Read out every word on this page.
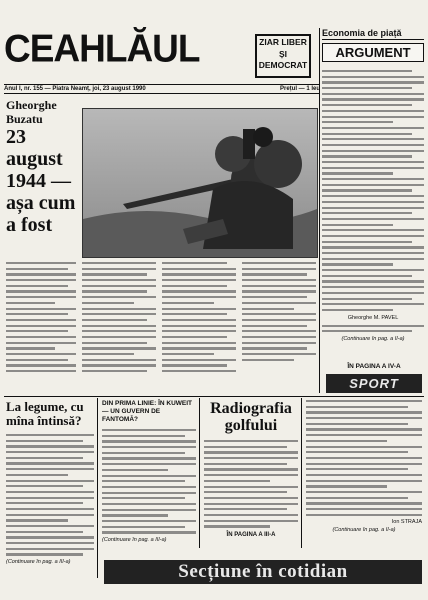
CEAHLĂUL	ZIAR LIBER
ȘI
DEMOCRAT
Anul I, nr. 155 — Piatra Neamț, joi, 23 august 1990	Prețul — 1 leu
Economia de piață
ARGUMENT
Gheorghe M. PAVEL
(Continuare în pag. a II-a)
Gheorghe Buzatu
23 august 1944 — așa cum a fost
ÎN PAGINA A IV-A
SPORT
La legume, cu mîna întinsă?
(Continuare în pag. a III-a)
DIN PRIMA LINIE: ÎN KUWEIT — UN GUVERN DE FANTOMĂ?
(Continuare în pag. a III-a)
Radiografia golfului
ÎN PAGINA A III-A
Ion STRAJA
(Continuare în pag. a II-a)
Secțiune în cotidian
